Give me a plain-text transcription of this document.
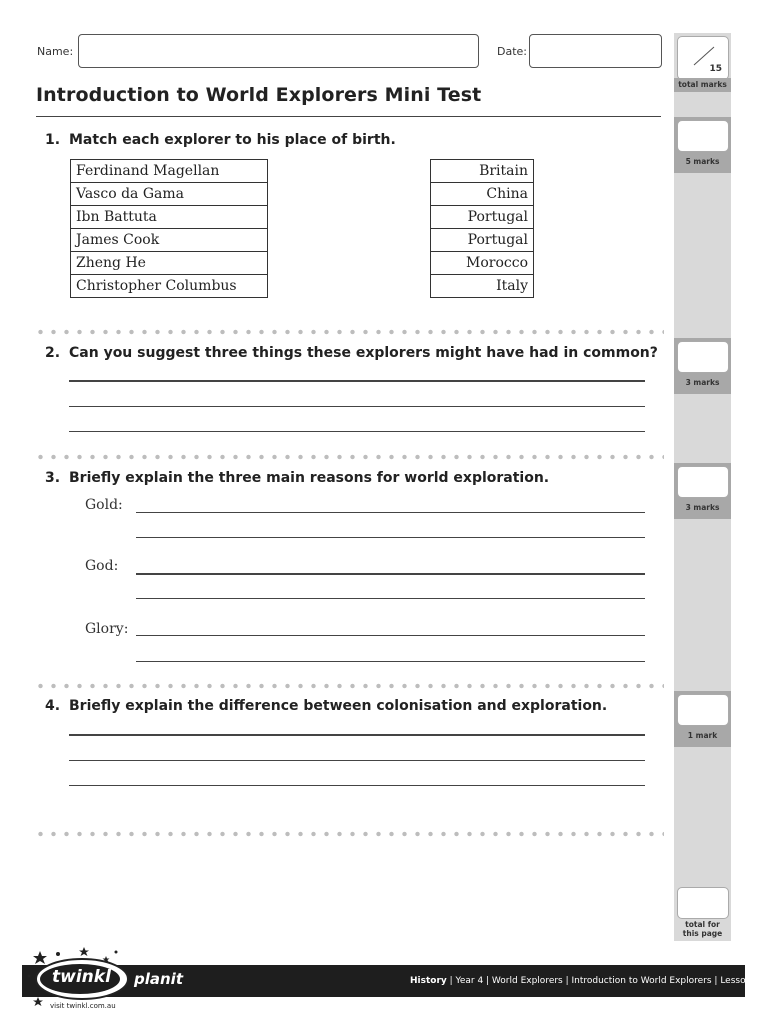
15
total marks
5 marks
3 marks
3 marks
1 mark
total for
this page
Name:	Date:
Introduction to World Explorers Mini Test
1. Match each explorer to his place of birth.
Ferdinand Magellan
Vasco da Gama
Ibn Battuta
James Cook
Zheng He
Christopher Columbus
Britain
China
Portugal
Portugal
Morocco
Italy
2. Can you suggest three things these explorers might have had in common?
3. Briefly explain the three main reasons for world exploration.
Gold:
God:
Glory:
4. Briefly explain the difference between colonisation and exploration.
twinkl planit
visit twinkl.com.au
History | Year 4 | World Explorers | Introduction to World Explorers | Lesson 1
